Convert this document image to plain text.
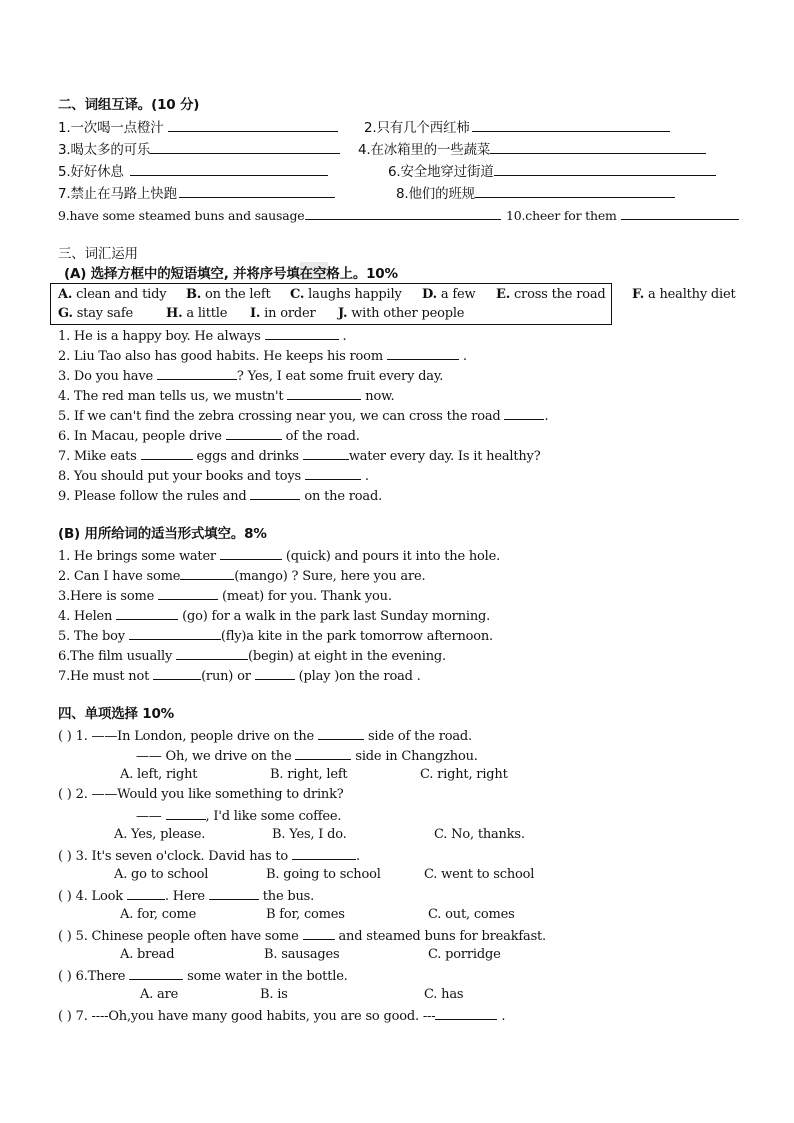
二、词组互译。(10 分)
1.一次喝一点橙汁	2.只有几个西红柿
3.喝太多的可乐	4.在冰箱里的一些蔬菜
5.好好休息	6.安全地穿过街道
7.禁止在马路上快跑	8.他们的班规
9.have some steamed buns and sausage	10.cheer for them
三、词汇运用
(A) 选择方框中的短语填空, 并将序号填在空格上。10%
A. clean and tidy B. on the left C. laughs happily D. a few E. cross the road F. a healthy diet
G. stay safe	H. a little I. in order J. with other people
1. He is a happy boy. He always	.
2. Liu Tao also has good habits. He keeps his room	.
3. Do you have	? Yes, I eat some fruit every day.
4. The red man tells us, we mustn't	now.
5. If we can't find the zebra crossing near you, we can cross the road	.
6. In Macau, people drive	of the road.
7. Mike eats	eggs and drinks	water every day. Is it healthy?
8. You should put your books and toys	.
9. Please follow the rules and	on the road.
(B) 用所给词的适当形式填空。8%
1. He brings some water	(quick) and pours it into the hole.
2. Can I have some	(mango) ? Sure, here you are.
3.Here is some	(meat) for you. Thank you.
4. Helen	(go) for a walk in the park last Sunday morning.
5. The boy	(fly)a kite in the park tomorrow afternoon.
6.The film usually	(begin) at eight in the evening.
7.He must not	(run) or	(play )on the road .
四、单项选择 10%
( ) 1. ——In London, people drive on the	side of the road.
—— Oh, we drive on the	side in Changzhou.
A. left, right	B. right, left	C. right, right
( ) 2. ——Would you like something to drink?
——	, I'd like some coffee.
A. Yes, please.	B. Yes, I do.	C. No, thanks.
( ) 3. It's seven o'clock. David has to	.
A. go to school	B. going to school	C. went to school
( ) 4. Look	. Here	the bus.
A. for, come	B for, comes	C. out, comes
( ) 5. Chinese people often have some	and steamed buns for breakfast.
A. bread	B. sausages	C. porridge
( ) 6.There	some water in the bottle.
A. are	B. is	C. has
( ) 7. ----Oh,you have many good habits, you are so good. ---	.
